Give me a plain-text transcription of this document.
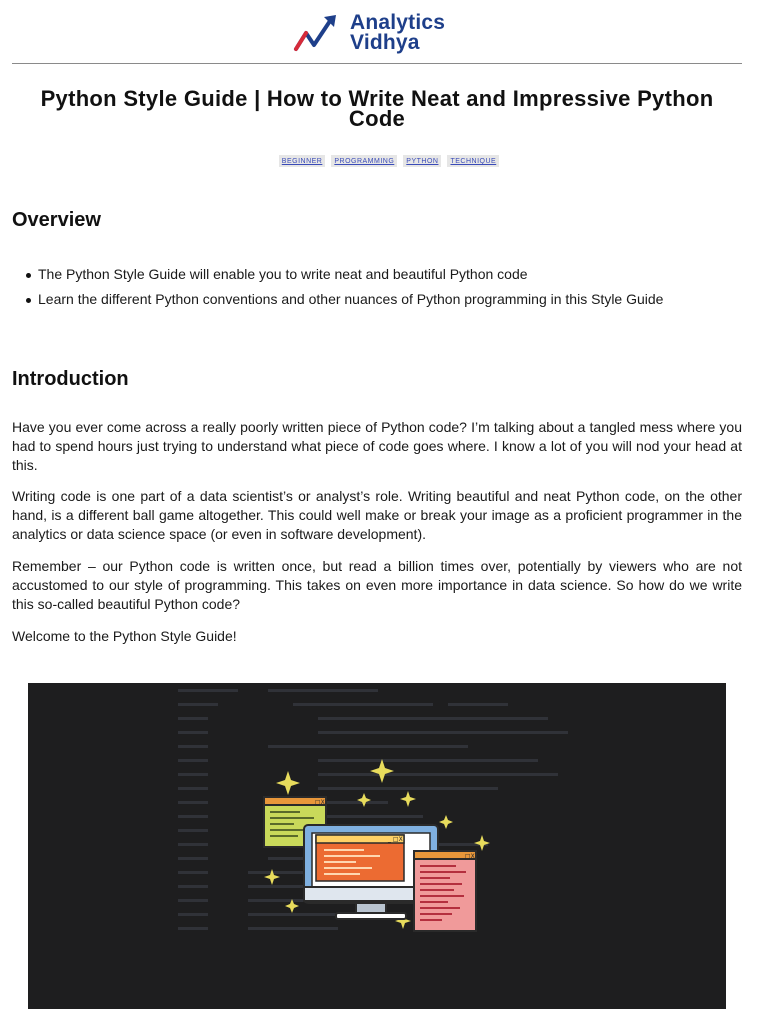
Analytics
Vidhya
Python Style Guide | How to Write Neat and Impressive Python Code
BEGINNER	PROGRAMMING	PYTHON	TECHNIQUE
Overview
The Python Style Guide will enable you to write neat and beautiful Python code
Learn the different Python conventions and other nuances of Python programming in this Style Guide
Introduction

Have you ever come across a really poorly written piece of Python code? I’m talking about a tangled mess where you had to spend hours just trying to understand what piece of code goes where. I know a lot of you will nod your head at this.

Writing code is one part of a data scientist’s or analyst’s role. Writing beautiful and neat Python code, on the other hand, is a different ball game altogether. This could well make or break your image as a proficient programmer in the analytics or data science space (or even in software development).

Remember – our Python code is written once, but read a billion times over, potentially by viewers who are not accustomed to our style of programming. This takes on even more importance in data science. So how do we write this so-called beautiful Python code?

Welcome to the Python Style Guide!

_ □X
_ □X
_ □X
